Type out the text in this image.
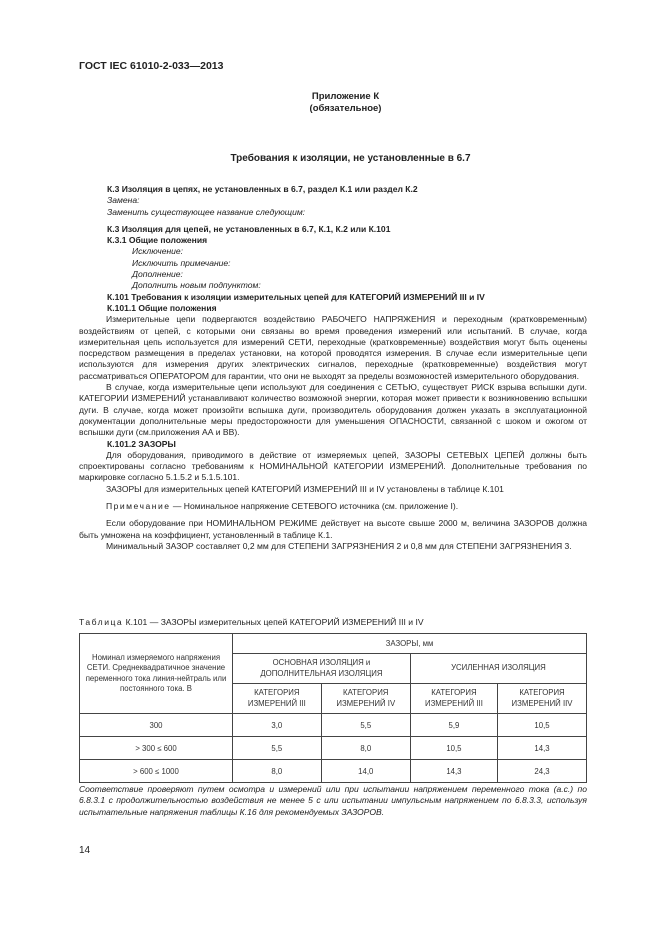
ГОСТ IEC 61010-2-033—2013
Приложение К
(обязательное)
Требования к изоляции, не установленные в 6.7

К.3 Изоляция в цепях, не установленных в 6.7, раздел К.1 или раздел К.2

Замена:

Заменить существующее название следующим:

К.3 Изоляция для цепей, не установленных в 6.7, К.1, К.2 или К.101

К.3.1 Общие положения

Исключение:

Исключить примечание:

Дополнение:

Дополнить новым подпунктом:

К.101 Требования к изоляции измерительных цепей для КАТЕГОРИЙ ИЗМЕРЕНИЙ III и IV

К.101.1 Общие положения

Измерительные цепи подвергаются воздействию РАБОЧЕГО НАПРЯЖЕНИЯ и переходным (кратковременным) воздействиям от цепей, с которыми они связаны во время проведения измерений или испытаний. В случае, когда измерительная цепь используется для измерений СЕТИ, переходные (кратковременные) воздействия могут быть оценены посредством размещения в пределах установки, на которой проводятся измерения. В случае если измерительные цепи используются для измерения других электрических сигналов, переходные (кратковременные) воздействия могут рассматриваться ОПЕРАТОРОМ для гарантии, что они не выходят за пределы возможностей измерительного оборудования.

В случае, когда измерительные цепи используют для соединения с СЕТЬЮ, существует РИСК взрыва вспышки дуги. КАТЕГОРИИ ИЗМЕРЕНИЙ устанавливают количество возможной энергии, которая может привести к возникновению вспышки дуги. В случае, когда может произойти вспышка дуги, производитель оборудования должен указать в эксплуатационной документации дополнительные меры предосторожности для уменьшения ОПАСНОСТИ, связанной с шоком и ожогом от вспышки дуги (см.приложения АА и ВВ).

К.101.2 ЗАЗОРЫ

Для оборудования, приводимого в действие от измеряемых цепей, ЗАЗОРЫ СЕТЕВЫХ ЦЕПЕЙ должны быть спроектированы согласно требованиям к НОМИНАЛЬНОЙ КАТЕГОРИИ ИЗМЕРЕНИЙ. Дополнительные требования по маркировке согласно 5.1.5.2 и 5.1.5.101.

ЗАЗОРЫ для измерительных цепей КАТЕГОРИЙ ИЗМЕРЕНИЙ III и IV установлены в таблице К.101

Примечание — Номинальное напряжение СЕТЕВОГО источника (см. приложение I).

Если оборудование при НОМИНАЛЬНОМ РЕЖИМЕ действует на высоте свыше 2000 м, величина ЗАЗОРОВ должна быть умножена на коэффициент, установленный в таблице К.1.

Минимальный ЗАЗОР составляет 0,2 мм для СТЕПЕНИ ЗАГРЯЗНЕНИЯ 2 и 0,8 мм для СТЕПЕНИ ЗАГРЯЗНЕНИЯ 3.

Таблица К.101 — ЗАЗОРЫ измерительных цепей КАТЕГОРИЙ ИЗМЕРЕНИЙ III и IV
Номинал измеряемого напряжения СЕТИ. Среднеквадратичное значение переменного тока линия-нейтраль или постоянного тока. В	ЗАЗОРЫ, мм			
	ОСНОВНАЯ ИЗОЛЯЦИЯ и ДОПОЛНИТЕЛЬНАЯ ИЗОЛЯЦИЯ		УСИЛЕННАЯ ИЗОЛЯЦИЯ	
	КАТЕГОРИЯ ИЗМЕРЕНИЙ III	КАТЕГОРИЯ ИЗМЕРЕНИЙ IV	КАТЕГОРИЯ ИЗМЕРЕНИЙ III	КАТЕГОРИЯ ИЗМЕРЕНИЙ IIV
300	3,0	5,5	5,9	10,5
> 300 ≤ 600	5,5	8,0	10,5	14,3
> 600 ≤ 1000	8,0	14,0	14,3	24,3
Соответствие проверяют путем осмотра и измерений или при испытании напряжением переменного тока (a.c.) по 6.8.3.1 с продолжительностью воздействия не менее 5 с или испытании импульсным напряжением по 6.8.3.3, используя испытательные напряжения таблицы К.16 для рекомендуемых ЗАЗОРОВ.
14
